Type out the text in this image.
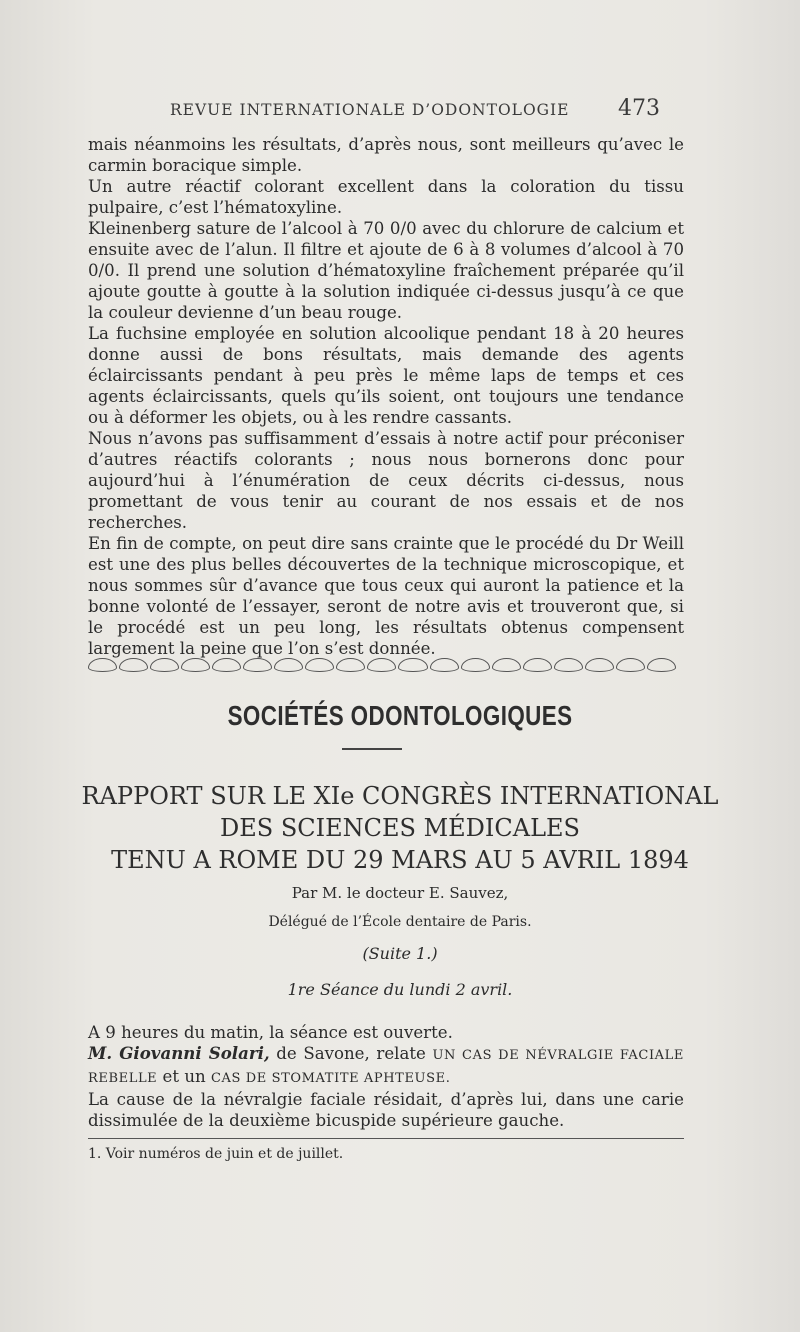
REVUE INTERNATIONALE D’ODONTOLOGIE 473

mais néanmoins les résultats, d’après nous, sont meilleurs qu’avec le carmin boracique simple.

Un autre réactif colorant excellent dans la coloration du tissu pulpaire, c’est l’hématoxyline.

Kleinenberg sature de l’alcool à 70 0/0 avec du chlorure de calcium et ensuite avec de l’alun. Il filtre et ajoute de 6 à 8 volumes d’alcool à 70 0/0. Il prend une solution d’hématoxyline fraîchement préparée qu’il ajoute goutte à goutte à la solution indiquée ci-dessus jusqu’à ce que la couleur devienne d’un beau rouge.

La fuchsine employée en solution alcoolique pendant 18 à 20 heures donne aussi de bons résultats, mais demande des agents éclaircissants pendant à peu près le même laps de temps et ces agents éclaircissants, quels qu’ils soient, ont toujours une tendance ou à déformer les objets, ou à les rendre cassants.

Nous n’avons pas suffisamment d’essais à notre actif pour préconiser d’autres réactifs colorants ; nous nous bornerons donc pour aujourd’hui à l’énumération de ceux décrits ci-dessus, nous promettant de vous tenir au courant de nos essais et de nos recherches.

En fin de compte, on peut dire sans crainte que le procédé du Dr Weill est une des plus belles découvertes de la technique microscopique, et nous sommes sûr d’avance que tous ceux qui auront la patience et la bonne volonté de l’essayer, seront de notre avis et trouveront que, si le procédé est un peu long, les résultats obtenus compensent largement la peine que l’on s’est donnée.

SOCIÉTÉS ODONTOLOGIQUES
RAPPORT SUR LE XIe CONGRÈS INTERNATIONAL
DES SCIENCES MÉDICALES
TENU A ROME DU 29 MARS AU 5 AVRIL 1894
Par M. le docteur E. Sauvez,
Délégué de l’École dentaire de Paris.
(Suite 1.)
1re Séance du lundi 2 avril.

A 9 heures du matin, la séance est ouverte.

M. Giovanni Solari, de Savone, relate UN CAS DE NÉVRALGIE FACIALE REBELLE et un CAS DE STOMATITE APHTEUSE.

La cause de la névralgie faciale résidait, d’après lui, dans une carie dissimulée de la deuxième bicuspide supérieure gauche.

1. Voir numéros de juin et de juillet.
